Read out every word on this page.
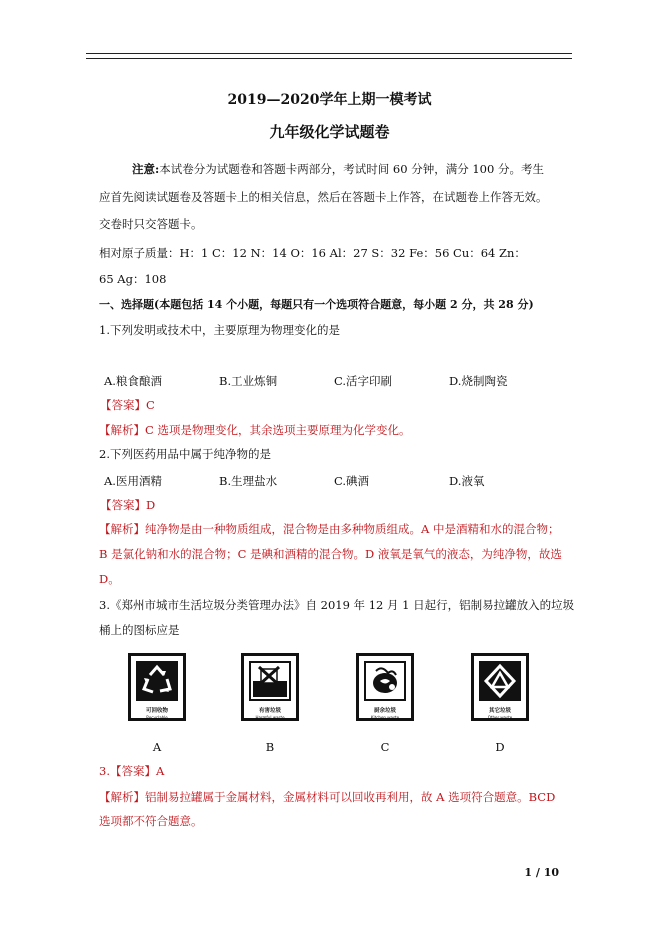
2019—2020学年上期一模考试
九年级化学试题卷
注意:本试卷分为试题卷和答题卡两部分，考试时间 60 分钟，满分 100 分。考生
应首先阅读试题卷及答题卡上的相关信息，然后在答题卡上作答，在试题卷上作答无效。
交卷时只交答题卡。
相对原子质量：H：1 C：12 N：14 O：16 Al：27 S：32 Fe：56 Cu：64 Zn：
65 Ag：108
一、选择题(本题包括 14 个小题，每题只有一个选项符合题意，每小题 2 分，共 28 分)
1.下列发明或技术中，主要原理为物理变化的是
A.粮食酿酒	B.工业炼铜	C.活字印刷	D.烧制陶瓷
【答案】C
【解析】C 选项是物理变化，其余选项主要原理为化学变化。
2.下列医药用品中属于纯净物的是
A.医用酒精	B.生理盐水	C.碘酒	D.液氧
【答案】D
【解析】纯净物是由一种物质组成，混合物是由多种物质组成。A 中是酒精和水的混合物；
B 是氯化钠和水的混合物；C 是碘和酒精的混合物。D 液氧是氧气的液态，为纯净物，故选
D。
3.《郑州市城市生活垃圾分类管理办法》自 2019 年 12 月 1 日起行，铝制易拉罐放入的垃圾
桶上的图标应是
可回收物
Recyclable
有害垃圾
Harmful waste
厨余垃圾
Kitchen waste
其它垃圾
Other waste
A	B	C	D
3.【答案】A
【解析】铝制易拉罐属于金属材料，金属材料可以回收再利用，故 A 选项符合题意。BCD
选项都不符合题意。
1 / 10
